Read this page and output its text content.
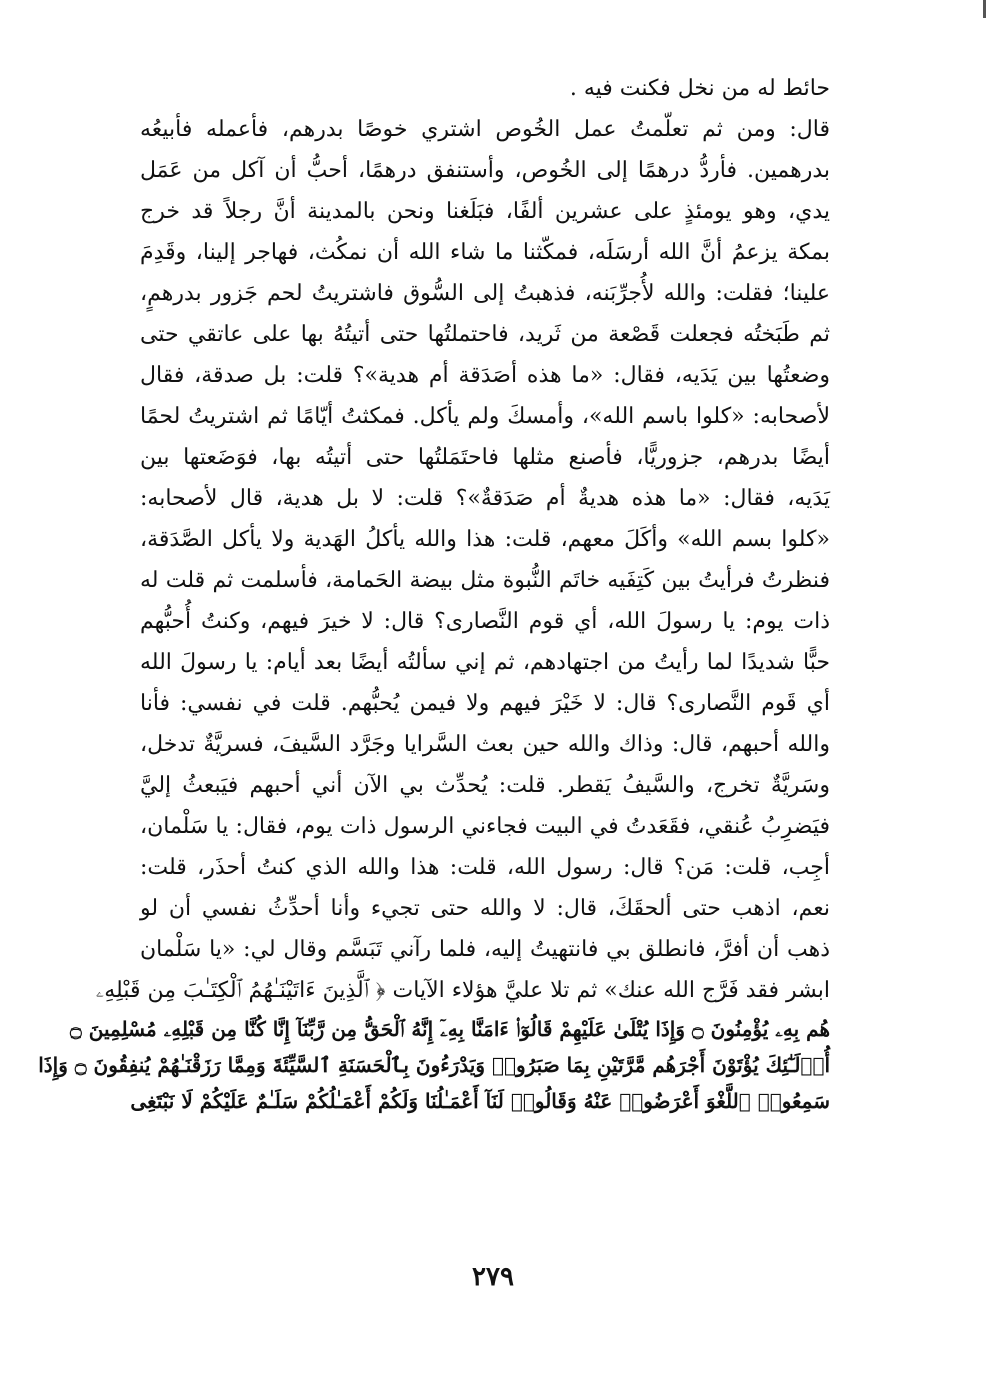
حائط له من نخل فكنت فيه .
قال: ومن ثم تعلّمتُ عمل الخُوص اشتري خوصًا بدرهم، فأعمله فأبيعُه
بدرهمين. فأردُّ درهمًا إلى الخُوص، وأستنفق درهمًا، أحبُّ أن آكل من عَمَل
يدي، وهو يومئذٍ على عشرين ألفًا، فبَلَغنا ونحن بالمدينة أنَّ رجلاً قد خرج
بمكة يزعمُ أنَّ الله أرسَلَه، فمكّثنا ما شاء الله أن نمكُث، فهاجر إلينا، وقَدِمَ
علينا؛ فقلت: والله لأُجرِّبَنه، فذهبتُ إلى السُّوق فاشتريتُ لحم جَزور بدرهمٍ،
ثم طَبَختُه فجعلت قَصْعة من ثَريد، فاحتملتُها حتى أتيتُهُ بها على عاتقي حتى
وضعتُها بين يَدَيه، فقال: «ما هذه أصَدَقة أم هدية»؟ قلت: بل صدقة، فقال
لأصحابه: «كلوا باسم الله»، وأمسكَ ولم يأكل. فمكثتُ أيّامًا ثم اشتريتُ لحمًا
أيضًا بدرهم، جزوريًّا، فأصنع مثلها فاحتَمَلتُها حتى أتيتُه بها، فوَضَعتها بين
يَدَيه، فقال: «ما هذه هديةٌ أم صَدَقةٌ»؟ قلت: لا بل هدية، قال لأصحابه:
«كلوا بسم الله» وأكَلَ معهم، قلت: هذا والله يأكلُ الهَدية ولا يأكل الصَّدَقة،
فنظرتُ فرأيتُ بين كَتِفَيه خاتَم النُّبوة مثل بيضة الحَمامة، فأسلمت ثم قلت له
ذات يوم: يا رسولَ الله، أي قوم النَّصارى؟ قال: لا خيرَ فيهم، وكنتُ أُحبُّهم
حبًّا شديدًا لما رأيتُ من اجتهادهم، ثم إني سألتُه أيضًا بعد أيام: يا رسولَ الله
أي قَوم النَّصارى؟ قال: لا خَيْرَ فيهم ولا فيمن يُحبُّهم. قلت في نفسي: فأنا
والله أحبهم، قال: وذاك والله حين بعث السَّرايا وجَرَّد السَّيفَ، فسريَّةٌ تدخل،
وسَريَّةٌ تخرج، والسَّيفُ يَقطر. قلت: يُحدِّث بي الآن أني أحبهم فيَبعثُ إليَّ
فيَضرِبُ عُنقي، فقَعَدتُ في البيت فجاءني الرسول ذات يوم، فقال: يا سَلْمان،
أجِب، قلت: مَن؟ قال: رسول الله، قلت: هذا والله الذي كنتُ أحذَر، قلت:
نعم، اذهب حتى ألحقَكَ، قال: لا والله حتى تجيء وأنا أحدِّثُ نفسي أن لو
ذهب أن أفرَّ، فانطلق بي فانتهيتُ إليه، فلما رآني تَبَسَّم وقال لي: «يا سَلْمان
ابشر فقد فَرَّج الله عنك» ثم تلا عليَّ هؤلاء الآيات ﴿ ٱلَّذِينَ ءَاتَيْنَـٰهُمُ ٱلْكِتَـٰبَ مِن قَبْلِهِۦ
هُم بِهِۦ يُؤْمِنُونَ ۝ وَإِذَا يُتْلَىٰ عَلَيْهِمْ قَالُوٓا۟ ءَامَنَّا بِهِۦٓ إِنَّهُ ٱلْحَقُّ مِن رَّبِّنَآ إِنَّا كُنَّا مِن قَبْلِهِۦ مُسْلِمِينَ ۝
أُو۟لَـٰٓئِكَ يُؤْتَوْنَ أَجْرَهُم مَّرَّتَيْنِ بِمَا صَبَرُوا۟ وَيَدْرَءُونَ بِٱلْحَسَنَةِ ٱلسَّيِّئَةَ وَمِمَّا رَزَقْنَـٰهُمْ يُنفِقُونَ ۝ وَإِذَا
سَمِعُوا۟ ٱللَّغْوَ أَعْرَضُوا۟ عَنْهُ وَقَالُوا۟ لَنَآ أَعْمَـٰلُنَا وَلَكُمْ أَعْمَـٰلُكُمْ سَلَـٰمٌ عَلَيْكُمْ لَا نَبْتَغِى
٢٧٩
